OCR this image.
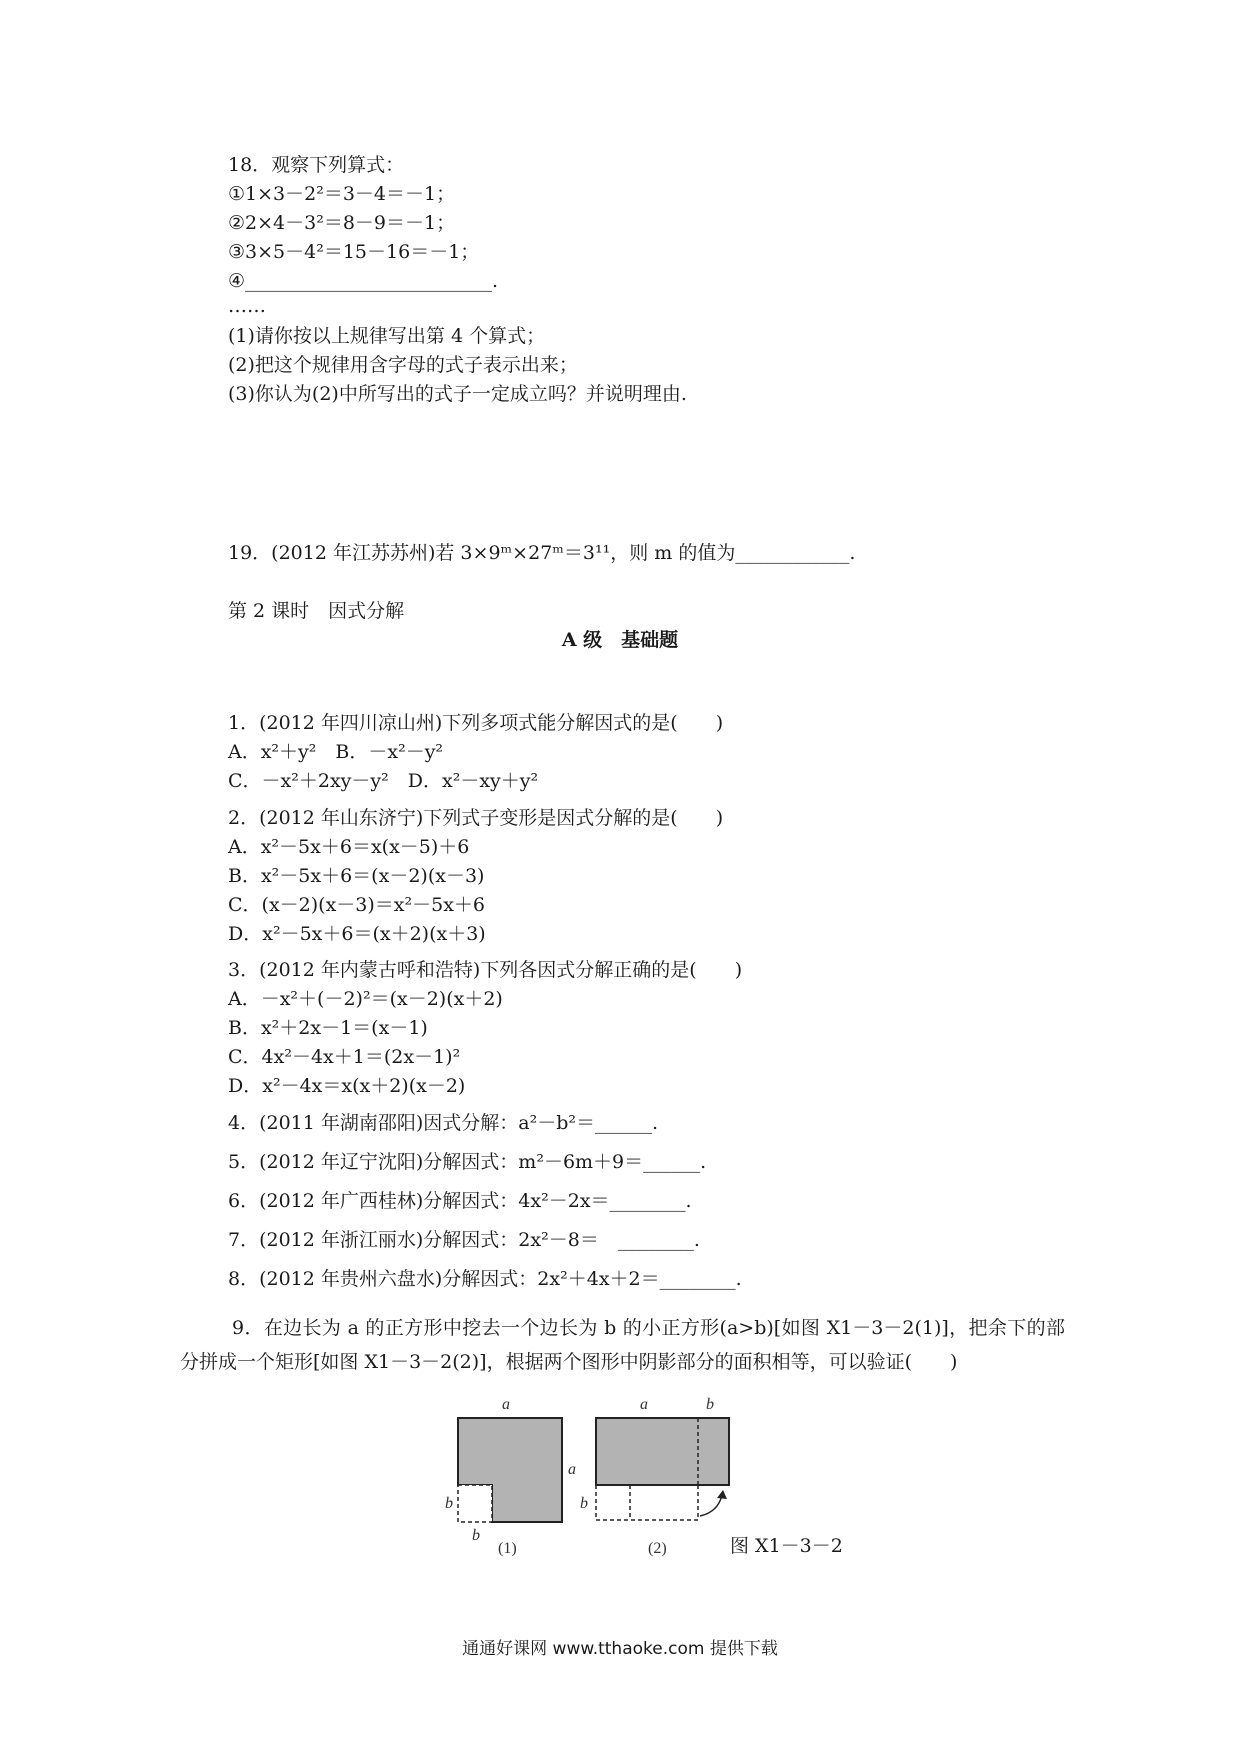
18．观察下列算式：
①1×3－2²＝3－4＝－1；
②2×4－3²＝8－9＝－1；
③3×5－4²＝15－16＝－1；
④__________________________.
……
(1)请你按以上规律写出第 4 个算式；
(2)把这个规律用含字母的式子表示出来；
(3)你认为(2)中所写出的式子一定成立吗？并说明理由.
19．(2012 年江苏苏州)若 3×9ᵐ×27ᵐ＝3¹¹，则 m 的值为____________.
第 2 课时　因式分解
A 级　基础题
1．(2012 年四川凉山州)下列多项式能分解因式的是(　　)
A．x²＋y²　B．－x²－y²
C．－x²＋2xy－y²　D．x²－xy＋y²
2．(2012 年山东济宁)下列式子变形是因式分解的是(　　)
A．x²－5x＋6＝x(x－5)＋6
B．x²－5x＋6＝(x－2)(x－3)
C．(x－2)(x－3)＝x²－5x＋6
D．x²－5x＋6＝(x＋2)(x＋3)
3．(2012 年内蒙古呼和浩特)下列各因式分解正确的是(　　)
A．－x²＋(－2)²＝(x－2)(x＋2)
B．x²＋2x－1＝(x－1)
C．4x²－4x＋1＝(2x－1)²
D．x²－4x＝x(x＋2)(x－2)
4．(2011 年湖南邵阳)因式分解：a²－b²＝______.
5．(2012 年辽宁沈阳)分解因式：m²－6m＋9＝______.
6．(2012 年广西桂林)分解因式：4x²－2x＝________.
7．(2012 年浙江丽水)分解因式：2x²－8＝　________.
8．(2012 年贵州六盘水)分解因式：2x²＋4x＋2＝________.
9．在边长为 a 的正方形中挖去一个边长为 b 的小正方形(a>b)[如图 X1－3－2(1)]，把余下的部分拼成一个矩形[如图 X1－3－2(2)]，根据两个图形中阴影部分的面积相等，可以验证(　　)
a
a
b
b
(1)
a	b
b
(2)	图 X1－3－2
通通好课网 www.tthaoke.com 提供下载
